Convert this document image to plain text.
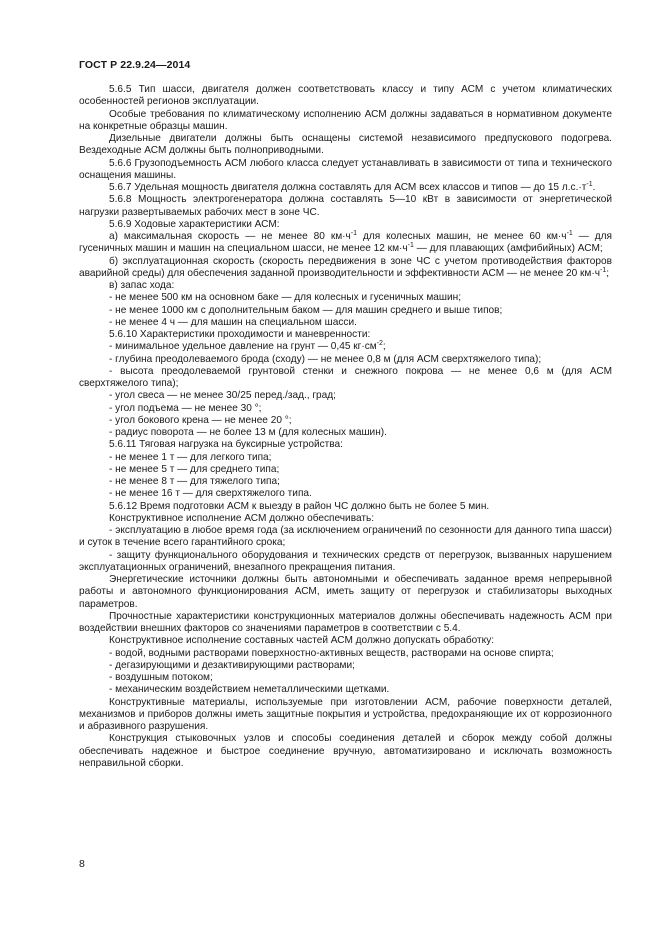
ГОСТ Р 22.9.24—2014

5.6.5 Тип шасси, двигателя должен соответствовать классу и типу АСМ с учетом климатических особенностей регионов эксплуатации.

Особые требования по климатическому исполнению АСМ должны задаваться в нормативном документе на конкретные образцы машин.

Дизельные двигатели должны быть оснащены системой независимого предпускового подогрева. Вездеходные АСМ должны быть полноприводными.

5.6.6 Грузоподъемность АСМ любого класса следует устанавливать в зависимости от типа и технического оснащения машины.

5.6.7 Удельная мощность двигателя должна составлять для АСМ всех классов и типов — до 15 $л.с.\cdot т^{-1}$.

5.6.8 Мощность электрогенератора должна составлять 5—10 кВт в зависимости от энергетической нагрузки развертываемых рабочих мест в зоне ЧС.

5.6.9 Ходовые характеристики АСМ:

а) максимальная скорость — не менее 80 $км\cdot ч^{-1}$ для колесных машин, не менее 60 $км\cdot ч^{-1}$ — для гусеничных машин и машин на специальном шасси, не менее 12 $км\cdot ч^{-1}$ — для плавающих (амфибийных) АСМ;

б) эксплуатационная скорость (скорость передвижения в зоне ЧС с учетом противодействия факторов аварийной среды) для обеспечения заданной производительности и эффективности АСМ — не менее 20 $км\cdot ч^{-1}$;

в) запас хода:

- не менее 500 км на основном баке — для колесных и гусеничных машин;

- не менее 1000 км с дополнительным баком — для машин среднего и выше типов;

- не менее 4 ч — для машин на специальном шасси.

5.6.10 Характеристики проходимости и маневренности:

- минимальное удельное давление на грунт — 0,45 $кг\cdot см^{-2}$;

- глубина преодолеваемого брода (сходу) — не менее 0,8 м (для АСМ сверхтяжелого типа);

- высота преодолеваемой грунтовой стенки и снежного покрова — не менее 0,6 м (для АСМ сверхтяжелого типа);

- угол свеса — не менее 30/25 перед./зад., град;

- угол подъема — не менее 30 °;

- угол бокового крена — не менее 20 °;

- радиус поворота — не более 13 м (для колесных машин).

5.6.11 Тяговая нагрузка на буксирные устройства:

- не менее 1 т — для легкого типа;

- не менее 5 т — для среднего типа;

- не менее 8 т — для тяжелого типа;

- не менее 16 т — для сверхтяжелого типа.

5.6.12 Время подготовки АСМ к выезду в район ЧС должно быть не более 5 мин.

Конструктивное исполнение АСМ должно обеспечивать:

- эксплуатацию в любое время года (за исключением ограничений по сезонности для данного типа шасси) и суток в течение всего гарантийного срока;

- защиту функционального оборудования и технических средств от перегрузок, вызванных нарушением эксплуатационных ограничений, внезапного прекращения питания.

Энергетические источники должны быть автономными и обеспечивать заданное время непрерывной работы и автономного функционирования АСМ, иметь защиту от перегрузок и стабилизаторы выходных параметров.

Прочностные характеристики конструкционных материалов должны обеспечивать надежность АСМ при воздействии внешних факторов со значениями параметров в соответствии с 5.4.

Конструктивное исполнение составных частей АСМ должно допускать обработку:

- водой, водными растворами поверхностно-активных веществ, растворами на основе спирта;

- дегазирующими и дезактивирующими растворами;

- воздушным потоком;

- механическим воздействием неметаллическими щетками.

Конструктивные материалы, используемые при изготовлении АСМ, рабочие поверхности деталей, механизмов и приборов должны иметь защитные покрытия и устройства, предохраняющие их от коррозионного и абразивного разрушения.

Конструкция стыковочных узлов и способы соединения деталей и сборок между собой должны обеспечивать надежное и быстрое соединение вручную, автоматизировано и исключать возможность неправильной сборки.

8
